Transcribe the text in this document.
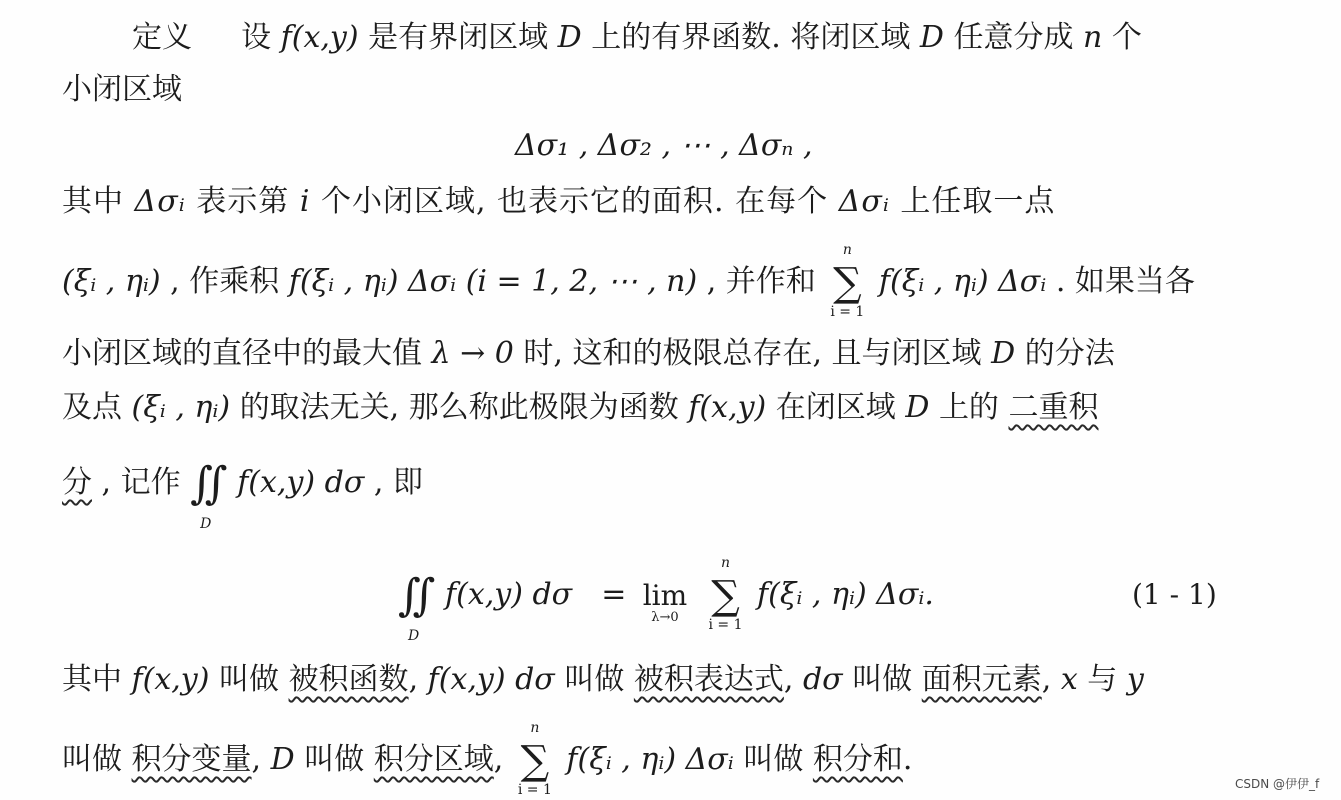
定义 设 f(x,y) 是有界闭区域 D 上的有界函数. 将闭区域 D 任意分成 n 个
小闭区域
Δσ₁ , Δσ₂ , ⋯ , Δσₙ ,
其中 Δσᵢ 表示第 i 个小闭区域, 也表示它的面积. 在每个 Δσᵢ 上任取一点
(ξᵢ , ηᵢ) , 作乘积 f(ξᵢ , ηᵢ) Δσᵢ (i = 1, 2, ⋯ , n) , 并作和
n
∑
i = 1
f(ξᵢ , ηᵢ) Δσᵢ . 如果当各
小闭区域的直径中的最大值 λ → 0 时, 这和的极限总存在, 且与闭区域 D 的分法
及点 (ξᵢ , ηᵢ) 的取法无关, 那么称此极限为函数 f(x,y) 在闭区域 D 上的 二重积
分 , 记作 ∬
D
f(x,y) dσ , 即
∬
D
f(x,y) dσ = lim
λ→0

n
∑
i = 1
f(ξᵢ , ηᵢ) Δσᵢ.	(1 - 1)
其中 f(x,y) 叫做 被积函数, f(x,y) dσ 叫做 被积表达式, dσ 叫做 面积元素, x 与 y
叫做 积分变量, D 叫做 积分区域,
n
∑
i = 1
f(ξᵢ , ηᵢ) Δσᵢ 叫做 积分和.
CSDN @伊伊_f
